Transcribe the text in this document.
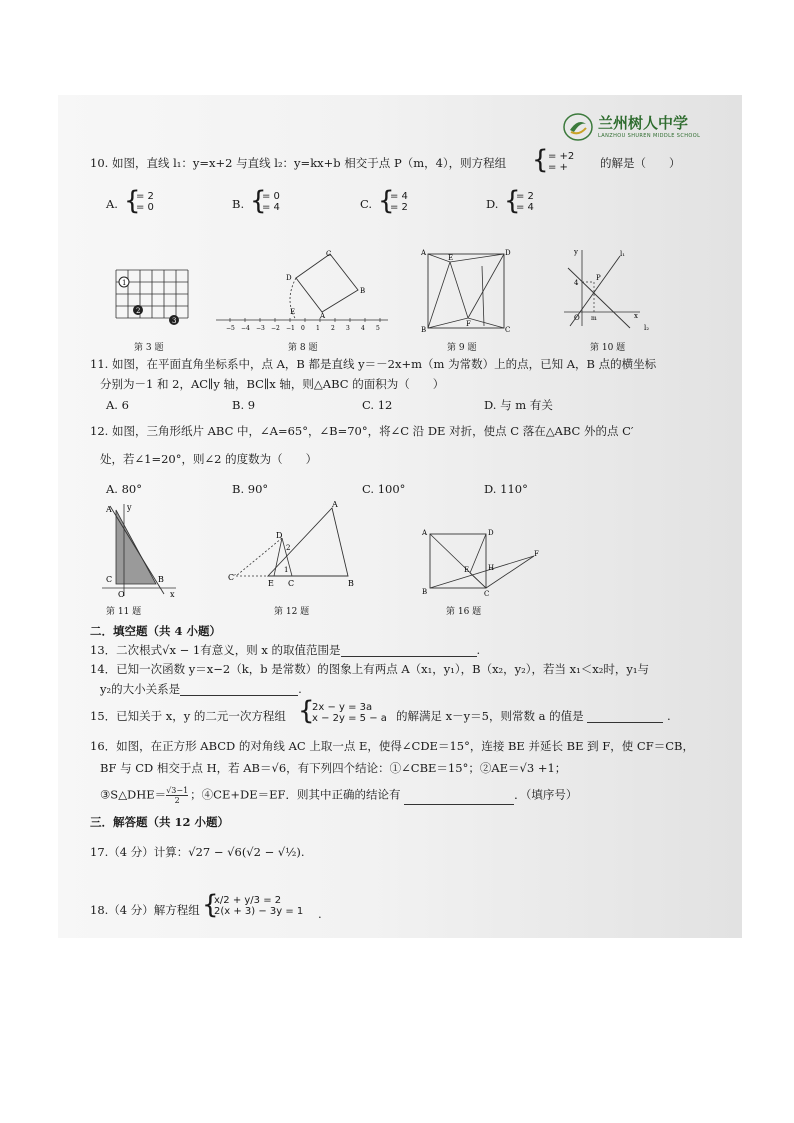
兰州树人中学
LANZHOU SHUREN MIDDLE SCHOOL
10. 如图，直线 l₁：y=x+2 与直线 l₂：y=kx+b 相交于点 P（m，4），则方程组 { = +2
= +	的解是（　　）
A. {
= 2
= 0	B. {
= 0
= 4	C. {
= 4
= 2	D. {
= 2
= 4
1
2
3
C
D
B
E	A
−5 −4 −3 −2 −1 0 1 2 3 4 5
A	D
B	C
E
F
y	l₁
l₂
P
O
4
m	x
第 3 题	第 8 题	第 9 题	第 10 题
11. 如图，在平面直角坐标系中，点 A，B 都是直线 y＝－2x+m（m 为常数）上的点，已知 A，B 点的横坐标
分别为－1 和 2，AC∥y 轴，BC∥x 轴，则△ABC 的面积为（　　）
A. 6	B. 9	C. 12	D. 与 m 有关
12. 如图，三角形纸片 ABC 中，∠A=65°，∠B=70°，将∠C 沿 DE 对折，使点 C 落在△ABC 外的点 C′
处，若∠1=20°，则∠2 的度数为（　　）
A. 80°	B. 90°	C. 100°	D. 110°
A y
C
O
B
x
A
D
1
2
C′
E C	B
A	D
B	C
E	H
F
第 11 题	第 12 题	第 16 题
二．填空题（共 4 小题）
13．二次根式√x − 1有意义，则 x 的取值范围是	.
14．已知一次函数 y＝x−2（k，b 是常数）的图象上有两点 A（x₁，y₁），B（x₂，y₂），若当 x₁＜x₂时，y₁与
y₂的大小关系是	.
15．已知关于 x，y 的二元一次方程组 {
2x − y = 3a
x − 2y = 5 − a 的解满足 x－y＝5，则常数 a 的值是	.
16．如图，在正方形 ABCD 的对角线 AC 上取一点 E，使得∠CDE＝15°，连接 BE 并延长 BE 到 F，使 CF＝CB，
BF 与 CD 相交于点 H，若 AB＝√6，有下列四个结论：①∠CBE＝15°；②AE＝√3 +1；
③S△DHE＝ $\frac{√3-1}{2}$ ；④CE+DE＝EF．则其中正确的结论有	．（填序号）
三．解答题（共 12 小题）
17.（4 分）计算：√27 − √6(√2 − √½).
18.（4 分）解方程组 {
x/2 + y/3 = 2
2(x + 3) − 3y = 1 .
